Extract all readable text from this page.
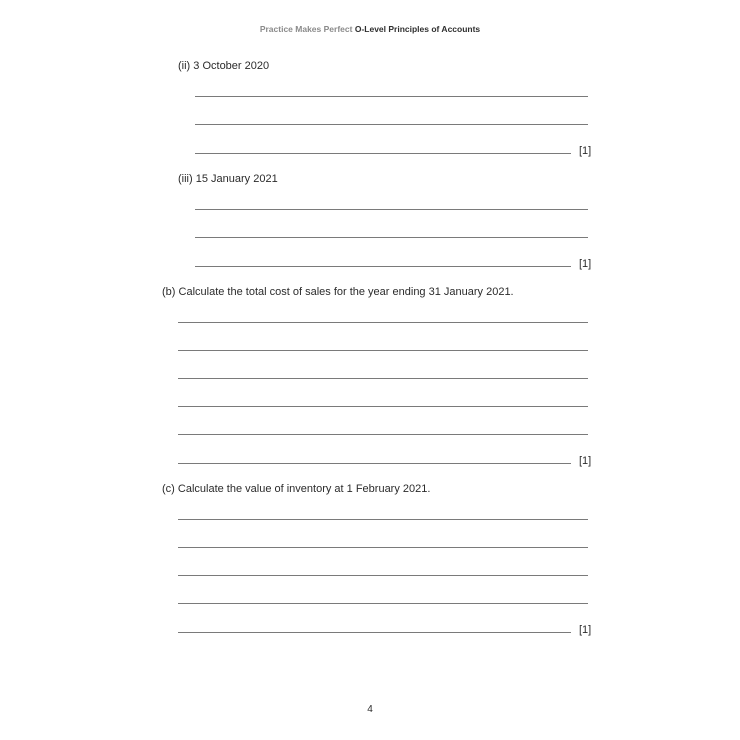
Practice Makes Perfect O-Level Principles of Accounts
(ii) 3 October 2020
[1]
(iii) 15 January 2021
[1]
(b) Calculate the total cost of sales for the year ending 31 January 2021.
[1]
(c) Calculate the value of inventory at 1 February 2021.
[1]
4
